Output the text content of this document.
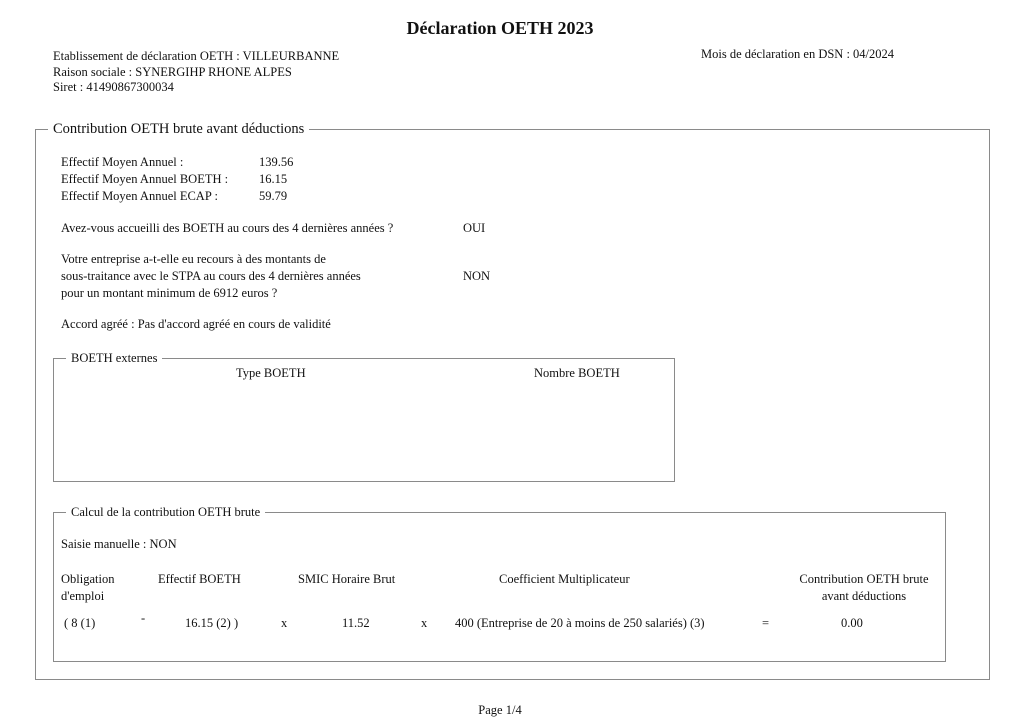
Déclaration OETH 2023
Etablissement de déclaration OETH : VILLEURBANNE
Raison sociale : SYNERGIHP RHONE ALPES
Siret : 41490867300034
Mois de déclaration en DSN : 04/2024
Contribution OETH brute avant déductions
Effectif Moyen Annuel :	139.56
Effectif Moyen Annuel BOETH : 16.15
Effectif Moyen Annuel ECAP :	59.79
Avez-vous accueilli des BOETH au cours des 4 dernières années ?	OUI
Votre entreprise a-t-elle eu recours à des montants de
sous-traitance avec le STPA au cours des 4 dernières années
pour un montant minimum de 6912 euros ?
NON
Accord agréé : Pas d'accord agréé en cours de validité
BOETH externes
Type BOETH	Nombre BOETH
Calcul de la contribution OETH brute
Saisie manuelle : NON
Obligation
d'emploi
Effectif BOETH	SMIC Horaire Brut	Coefficient Multiplicateur	Contribution OETH brute
avant déductions
( 8 (1)	-	16.15 (2) )	x	11.52	x 400 (Entreprise de 20 à moins de 250 salariés) (3)	=	0.00
Page 1/4
